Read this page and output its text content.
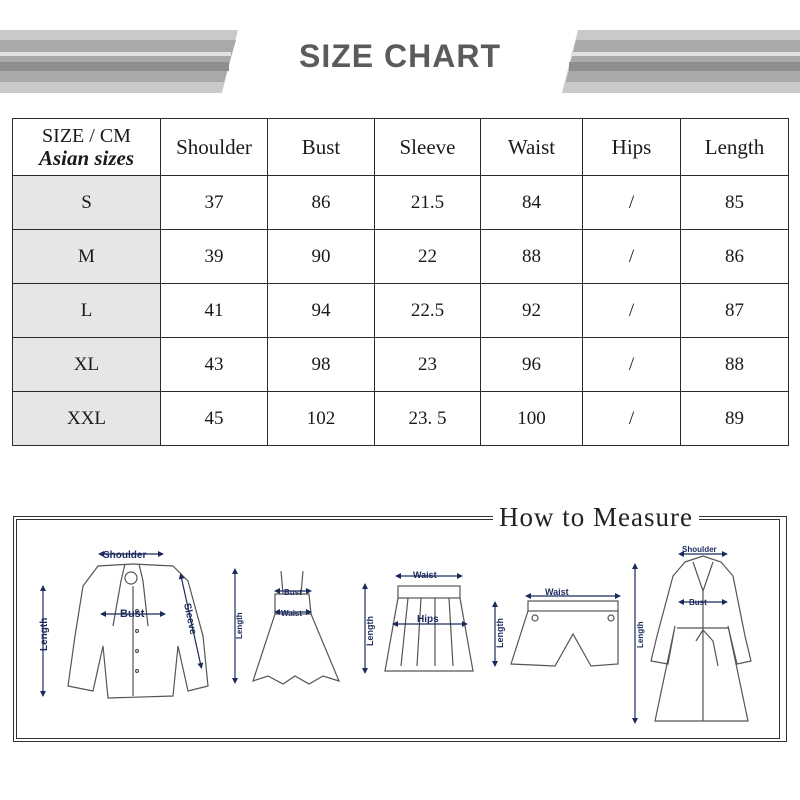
SIZE CHART
SIZE / CM
Asian sizes	Shoulder	Bust	Sleeve	Waist	Hips	Length
S	37	86	21.5	84	/	85
M	39	90	22	88	/	86
L	41	94	22.5	92	/	87
XL	43	98	23	96	/	88
XXL	45	102	23. 5	100	/	89
How to Measure
Shoulder
Bust	Sleeve
Length
Bust
Waist
Length
Waist
Hips
Length
Waist
Length
Shoulder
Bust
Length
